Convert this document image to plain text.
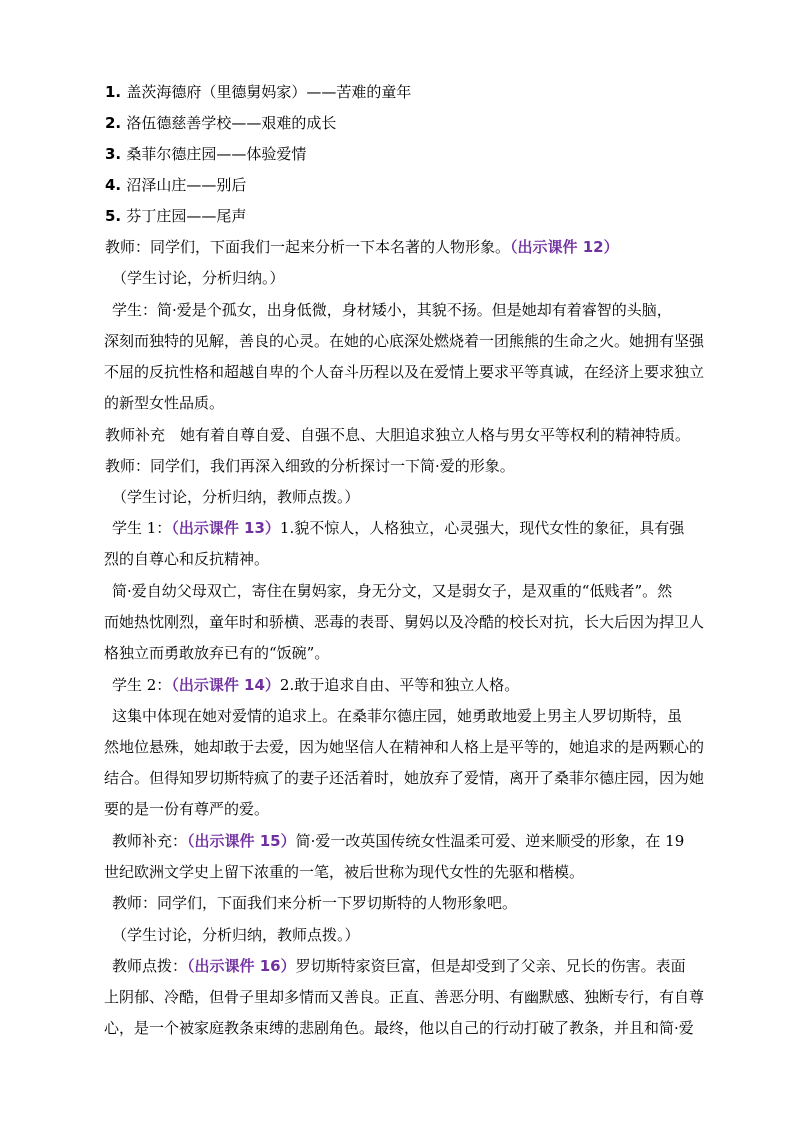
1. 盖茨海德府（里德舅妈家）——苦难的童年
2. 洛伍德慈善学校——艰难的成长
3. 桑菲尔德庄园——体验爱情
4. 沼泽山庄——别后
5. 芬丁庄园——尾声
教师：同学们，下面我们一起来分析一下本名著的人物形象。（出示课件 12）
（学生讨论，分析归纳。）
学生：简·爱是个孤女，出身低微，身材矮小，其貌不扬。但是她却有着睿智的头脑，
深刻而独特的见解，善良的心灵。在她的心底深处燃烧着一团熊熊的生命之火。她拥有坚强
不屈的反抗性格和超越自卑的个人奋斗历程以及在爱情上要求平等真诚，在经济上要求独立
的新型女性品质。
教师补充　她有着自尊自爱、自强不息、大胆追求独立人格与男女平等权利的精神特质。
教师：同学们，我们再深入细致的分析探讨一下简·爱的形象。
（学生讨论，分析归纳，教师点拨。）
学生 1：（出示课件 13）1.貌不惊人，人格独立，心灵强大，现代女性的象征，具有强
烈的自尊心和反抗精神。
简·爱自幼父母双亡，寄住在舅妈家，身无分文，又是弱女子，是双重的“低贱者”。然
而她热忱刚烈，童年时和骄横、恶毒的表哥、舅妈以及冷酷的校长对抗，长大后因为捍卫人
格独立而勇敢放弃已有的“饭碗”。
学生 2：（出示课件 14）2.敢于追求自由、平等和独立人格。
这集中体现在她对爱情的追求上。在桑菲尔德庄园，她勇敢地爱上男主人罗切斯特，虽
然地位悬殊，她却敢于去爱，因为她坚信人在精神和人格上是平等的，她追求的是两颗心的
结合。但得知罗切斯特疯了的妻子还活着时，她放弃了爱情，离开了桑菲尔德庄园，因为她
要的是一份有尊严的爱。
教师补充：（出示课件 15）简·爱一改英国传统女性温柔可爱、逆来顺受的形象，在 19
世纪欧洲文学史上留下浓重的一笔，被后世称为现代女性的先驱和楷模。
教师：同学们，下面我们来分析一下罗切斯特的人物形象吧。
（学生讨论，分析归纳，教师点拨。）
教师点拨：（出示课件 16）罗切斯特家资巨富，但是却受到了父亲、兄长的伤害。表面
上阴郁、冷酷，但骨子里却多情而又善良。正直、善恶分明、有幽默感、独断专行，有自尊
心，是一个被家庭教条束缚的悲剧角色。最终，他以自己的行动打破了教条，并且和简·爱
